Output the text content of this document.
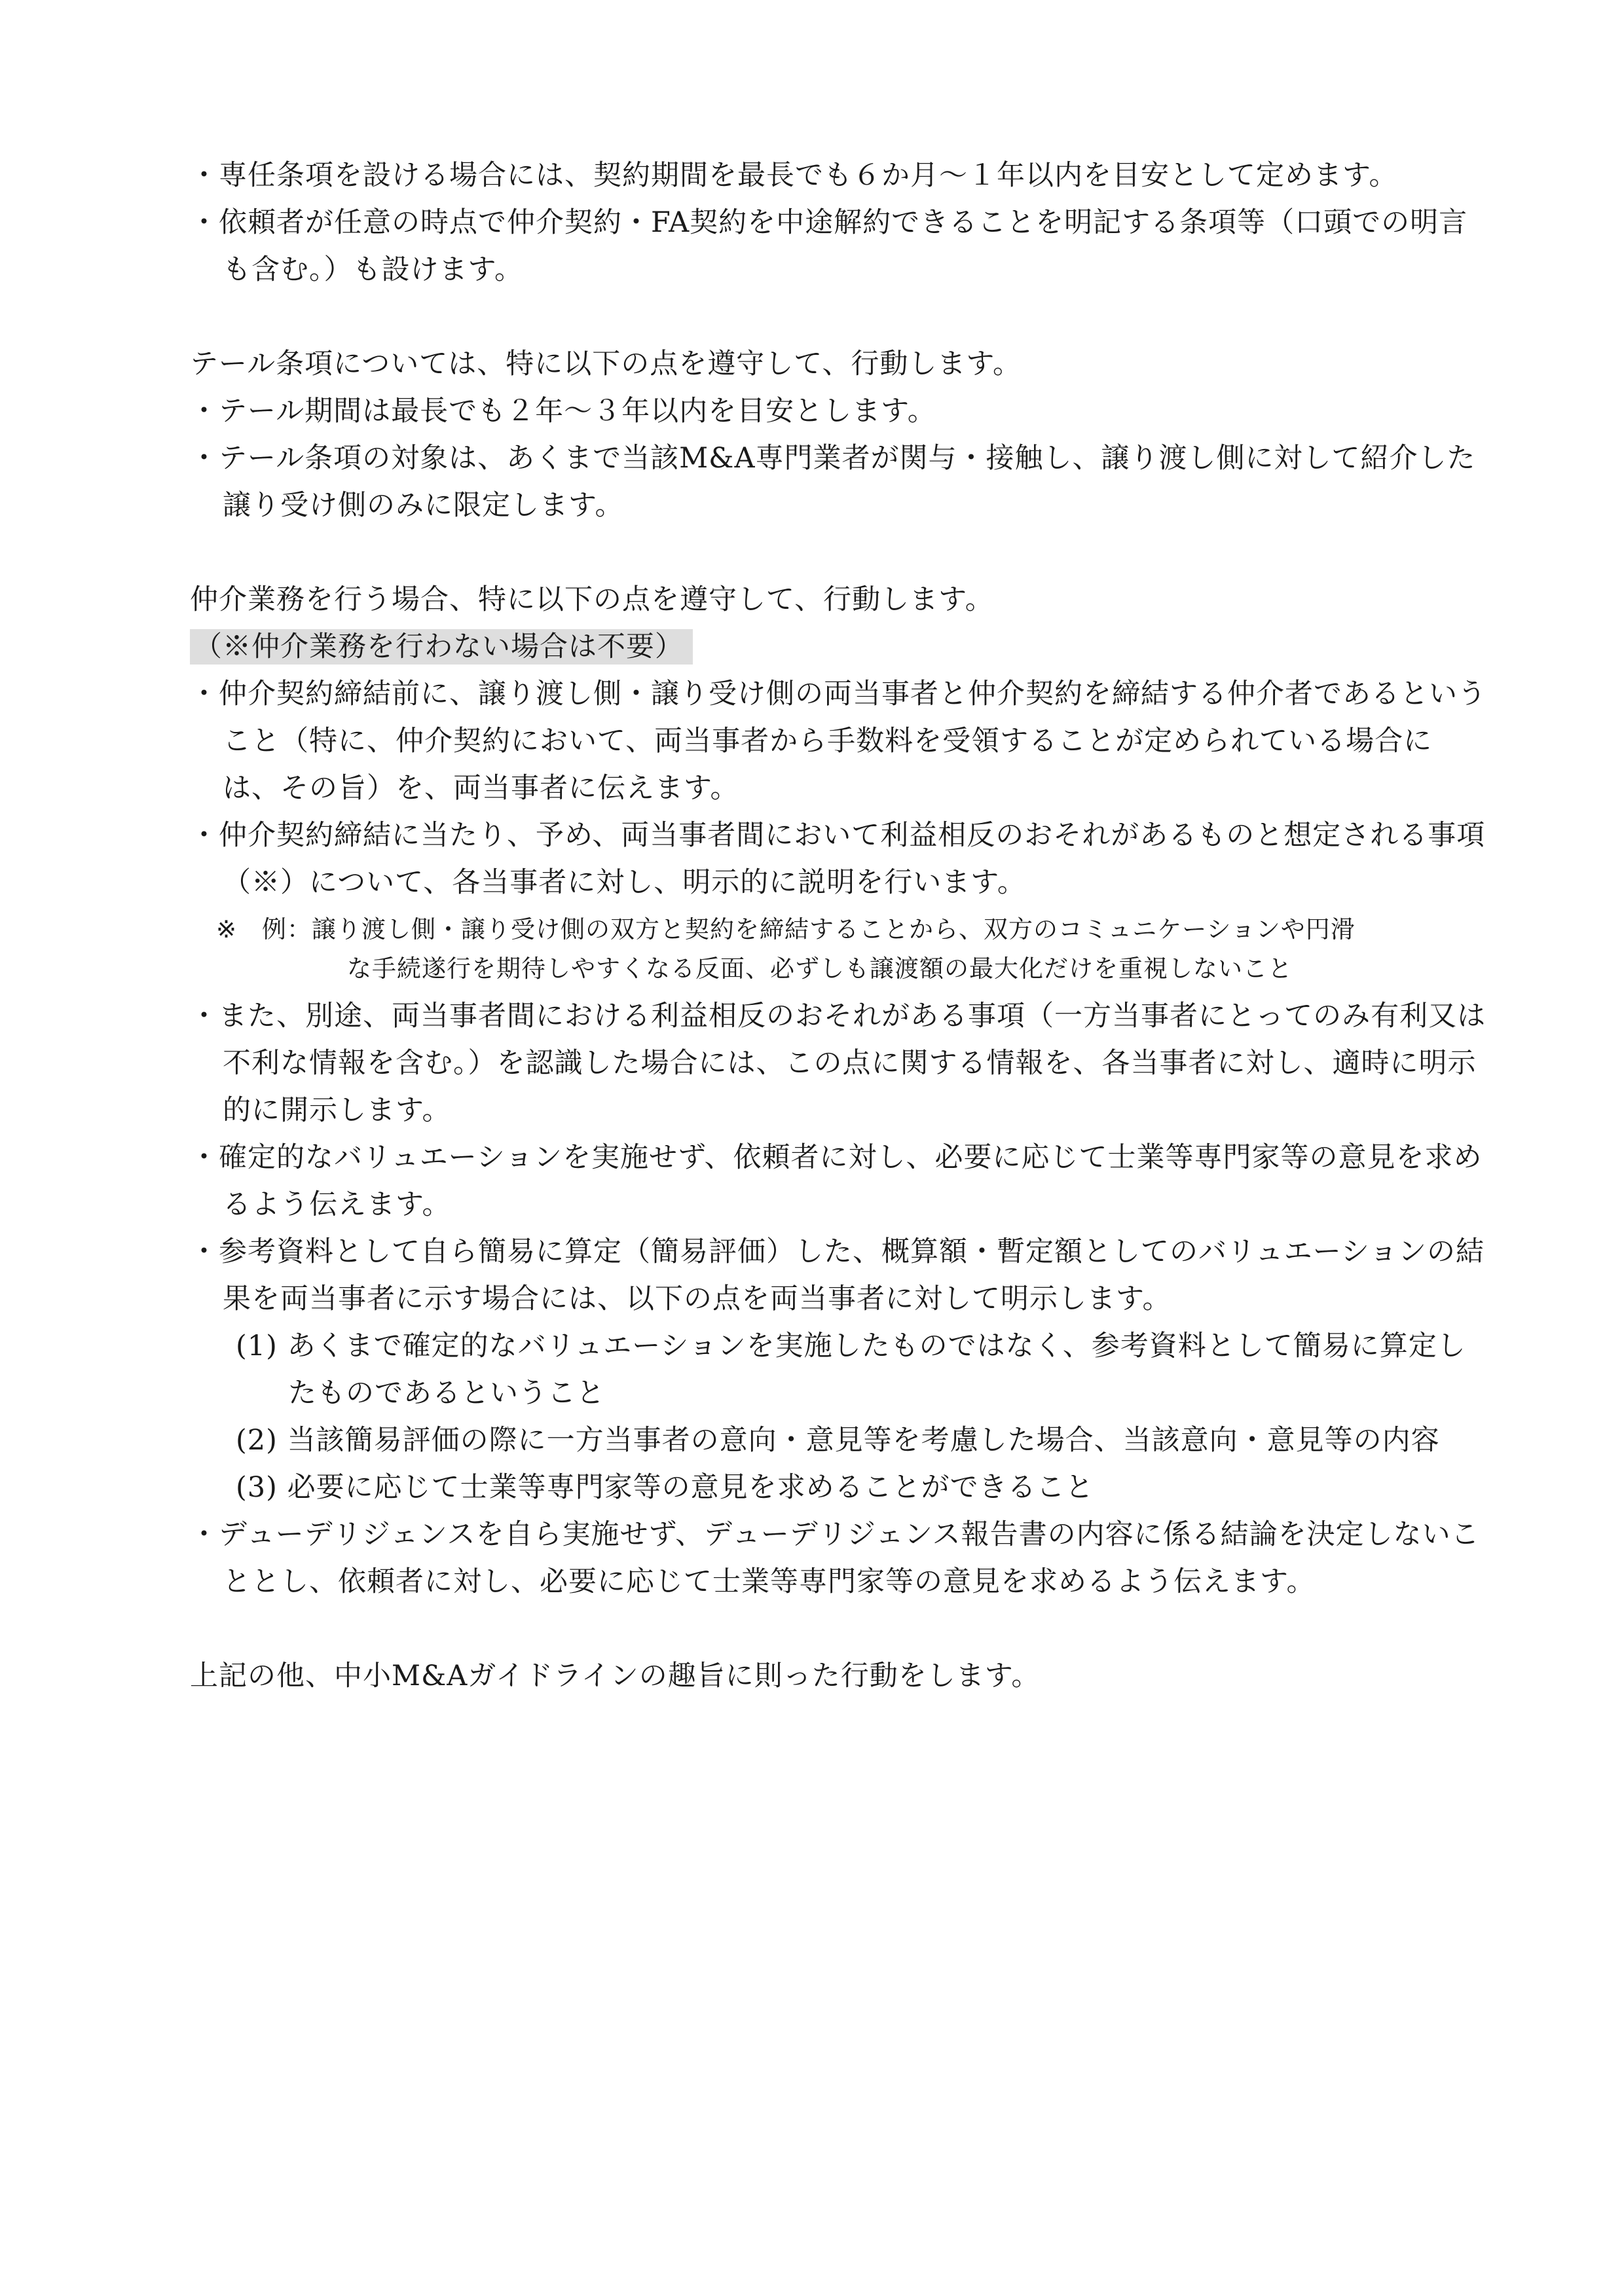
・専任条項を設ける場合には、契約期間を最長でも６か月～１年以内を目安として定めます。

・依頼者が任意の時点で仲介契約・FA契約を中途解約できることを明記する条項等（口頭での明言も含む。）も設けます。

テール条項については、特に以下の点を遵守して、行動します。

・テール期間は最長でも２年～３年以内を目安とします。

・テール条項の対象は、あくまで当該M&A専門業者が関与・接触し、譲り渡し側に対して紹介した譲り受け側のみに限定します。

仲介業務を行う場合、特に以下の点を遵守して、行動します。

（※仲介業務を行わない場合は不要）

・仲介契約締結前に、譲り渡し側・譲り受け側の両当事者と仲介契約を締結する仲介者であるということ（特に、仲介契約において、両当事者から手数料を受領することが定められている場合には、その旨）を、両当事者に伝えます。

・仲介契約締結に当たり、予め、両当事者間において利益相反のおそれがあるものと想定される事項（※）について、各当事者に対し、明示的に説明を行います。

※ 例：譲り渡し側・譲り受け側の双方と契約を締結することから、双方のコミュニケーションや円滑

な手続遂行を期待しやすくなる反面、必ずしも譲渡額の最大化だけを重視しないこと

・また、別途、両当事者間における利益相反のおそれがある事項（一方当事者にとってのみ有利又は不利な情報を含む。）を認識した場合には、この点に関する情報を、各当事者に対し、適時に明示的に開示します。

・確定的なバリュエーションを実施せず、依頼者に対し、必要に応じて士業等専門家等の意見を求めるよう伝えます。

・参考資料として自ら簡易に算定（簡易評価）した、概算額・暫定額としてのバリュエーションの結果を両当事者に示す場合には、以下の点を両当事者に対して明示します。

(1) あくまで確定的なバリュエーションを実施したものではなく、参考資料として簡易に算定したものであるということ

(2) 当該簡易評価の際に一方当事者の意向・意見等を考慮した場合、当該意向・意見等の内容

(3) 必要に応じて士業等専門家等の意見を求めることができること

・デューデリジェンスを自ら実施せず、デューデリジェンス報告書の内容に係る結論を決定しないこととし、依頼者に対し、必要に応じて士業等専門家等の意見を求めるよう伝えます。

上記の他、中小M&Aガイドラインの趣旨に則った行動をします。
